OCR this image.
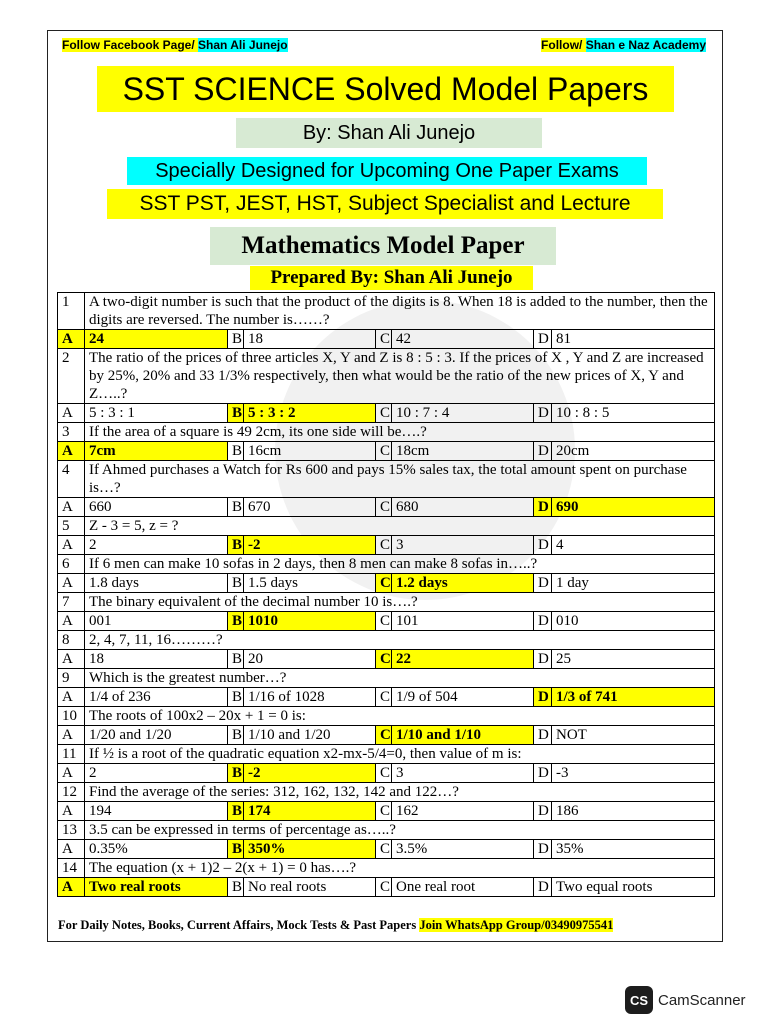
Follow Facebook Page/ Shan Ali Junejo	Follow/ Shan e Naz Academy
SST SCIENCE Solved Model Papers
By: Shan Ali Junejo
Specially Designed for Upcoming One Paper Exams
SST PST, JEST, HST, Subject Specialist and Lecture
Mathematics Model Paper
Prepared By: Shan Ali Junejo
1	A two-digit number is such that the product of the digits is 8. When 18 is added to the number, then the digits are reversed. The number is……?						
A	24	B	18	C	42	D	81
2	The ratio of the prices of three articles X, Y and Z is 8 : 5 : 3. If the prices of X , Y and Z are increased by 25%, 20% and 33 1/3% respectively, then what would be the ratio of the new prices of X, Y and Z…..?						
A	5 : 3 : 1	B	5 : 3 : 2	C	10 : 7 : 4	D	10 : 8 : 5
3	If the area of a square is 49 2cm, its one side will be….?						
A	7cm	B	16cm	C	18cm	D	20cm
4	If Ahmed purchases a Watch for Rs 600 and pays 15% sales tax, the total amount spent on purchase is…?						
A	660	B	670	C	680	D	690
5	Z - 3 = 5, z = ?						
A	2	B	-2	C	3	D	4
6	If 6 men can make 10 sofas in 2 days, then 8 men can make 8 sofas in…..?						
A	1.8 days	B	1.5 days	C	1.2 days	D	1 day
7	The binary equivalent of the decimal number 10 is….?						
A	001	B	1010	C	101	D	010
8	2, 4, 7, 11, 16………?						
A	18	B	20	C	22	D	25
9	Which is the greatest number…?						
A	1/4 of 236	B	1/16 of 1028	C	1/9 of 504	D	1/3 of 741
10	The roots of 100x2 – 20x + 1 = 0 is:						
A	1/20 and 1/20	B	1/10 and 1/20	C	1/10 and 1/10	D	NOT
11	If ½ is a root of the quadratic equation x2-mx-5/4=0, then value of m is:						
A	2	B	-2	C	3	D	-3
12	Find the average of the series: 312, 162, 132, 142 and 122…?						
A	194	B	174	C	162	D	186
13	3.5 can be expressed in terms of percentage as…..?						
A	0.35%	B	350%	C	3.5%	D	35%
14	The equation (x + 1)2 – 2(x + 1) = 0 has….?						
A	Two real roots	B	No real roots	C	One real root	D	Two equal roots
For Daily Notes, Books, Current Affairs, Mock Tests & Past Papers Join WhatsApp Group/03490975541
CS CamScanner
